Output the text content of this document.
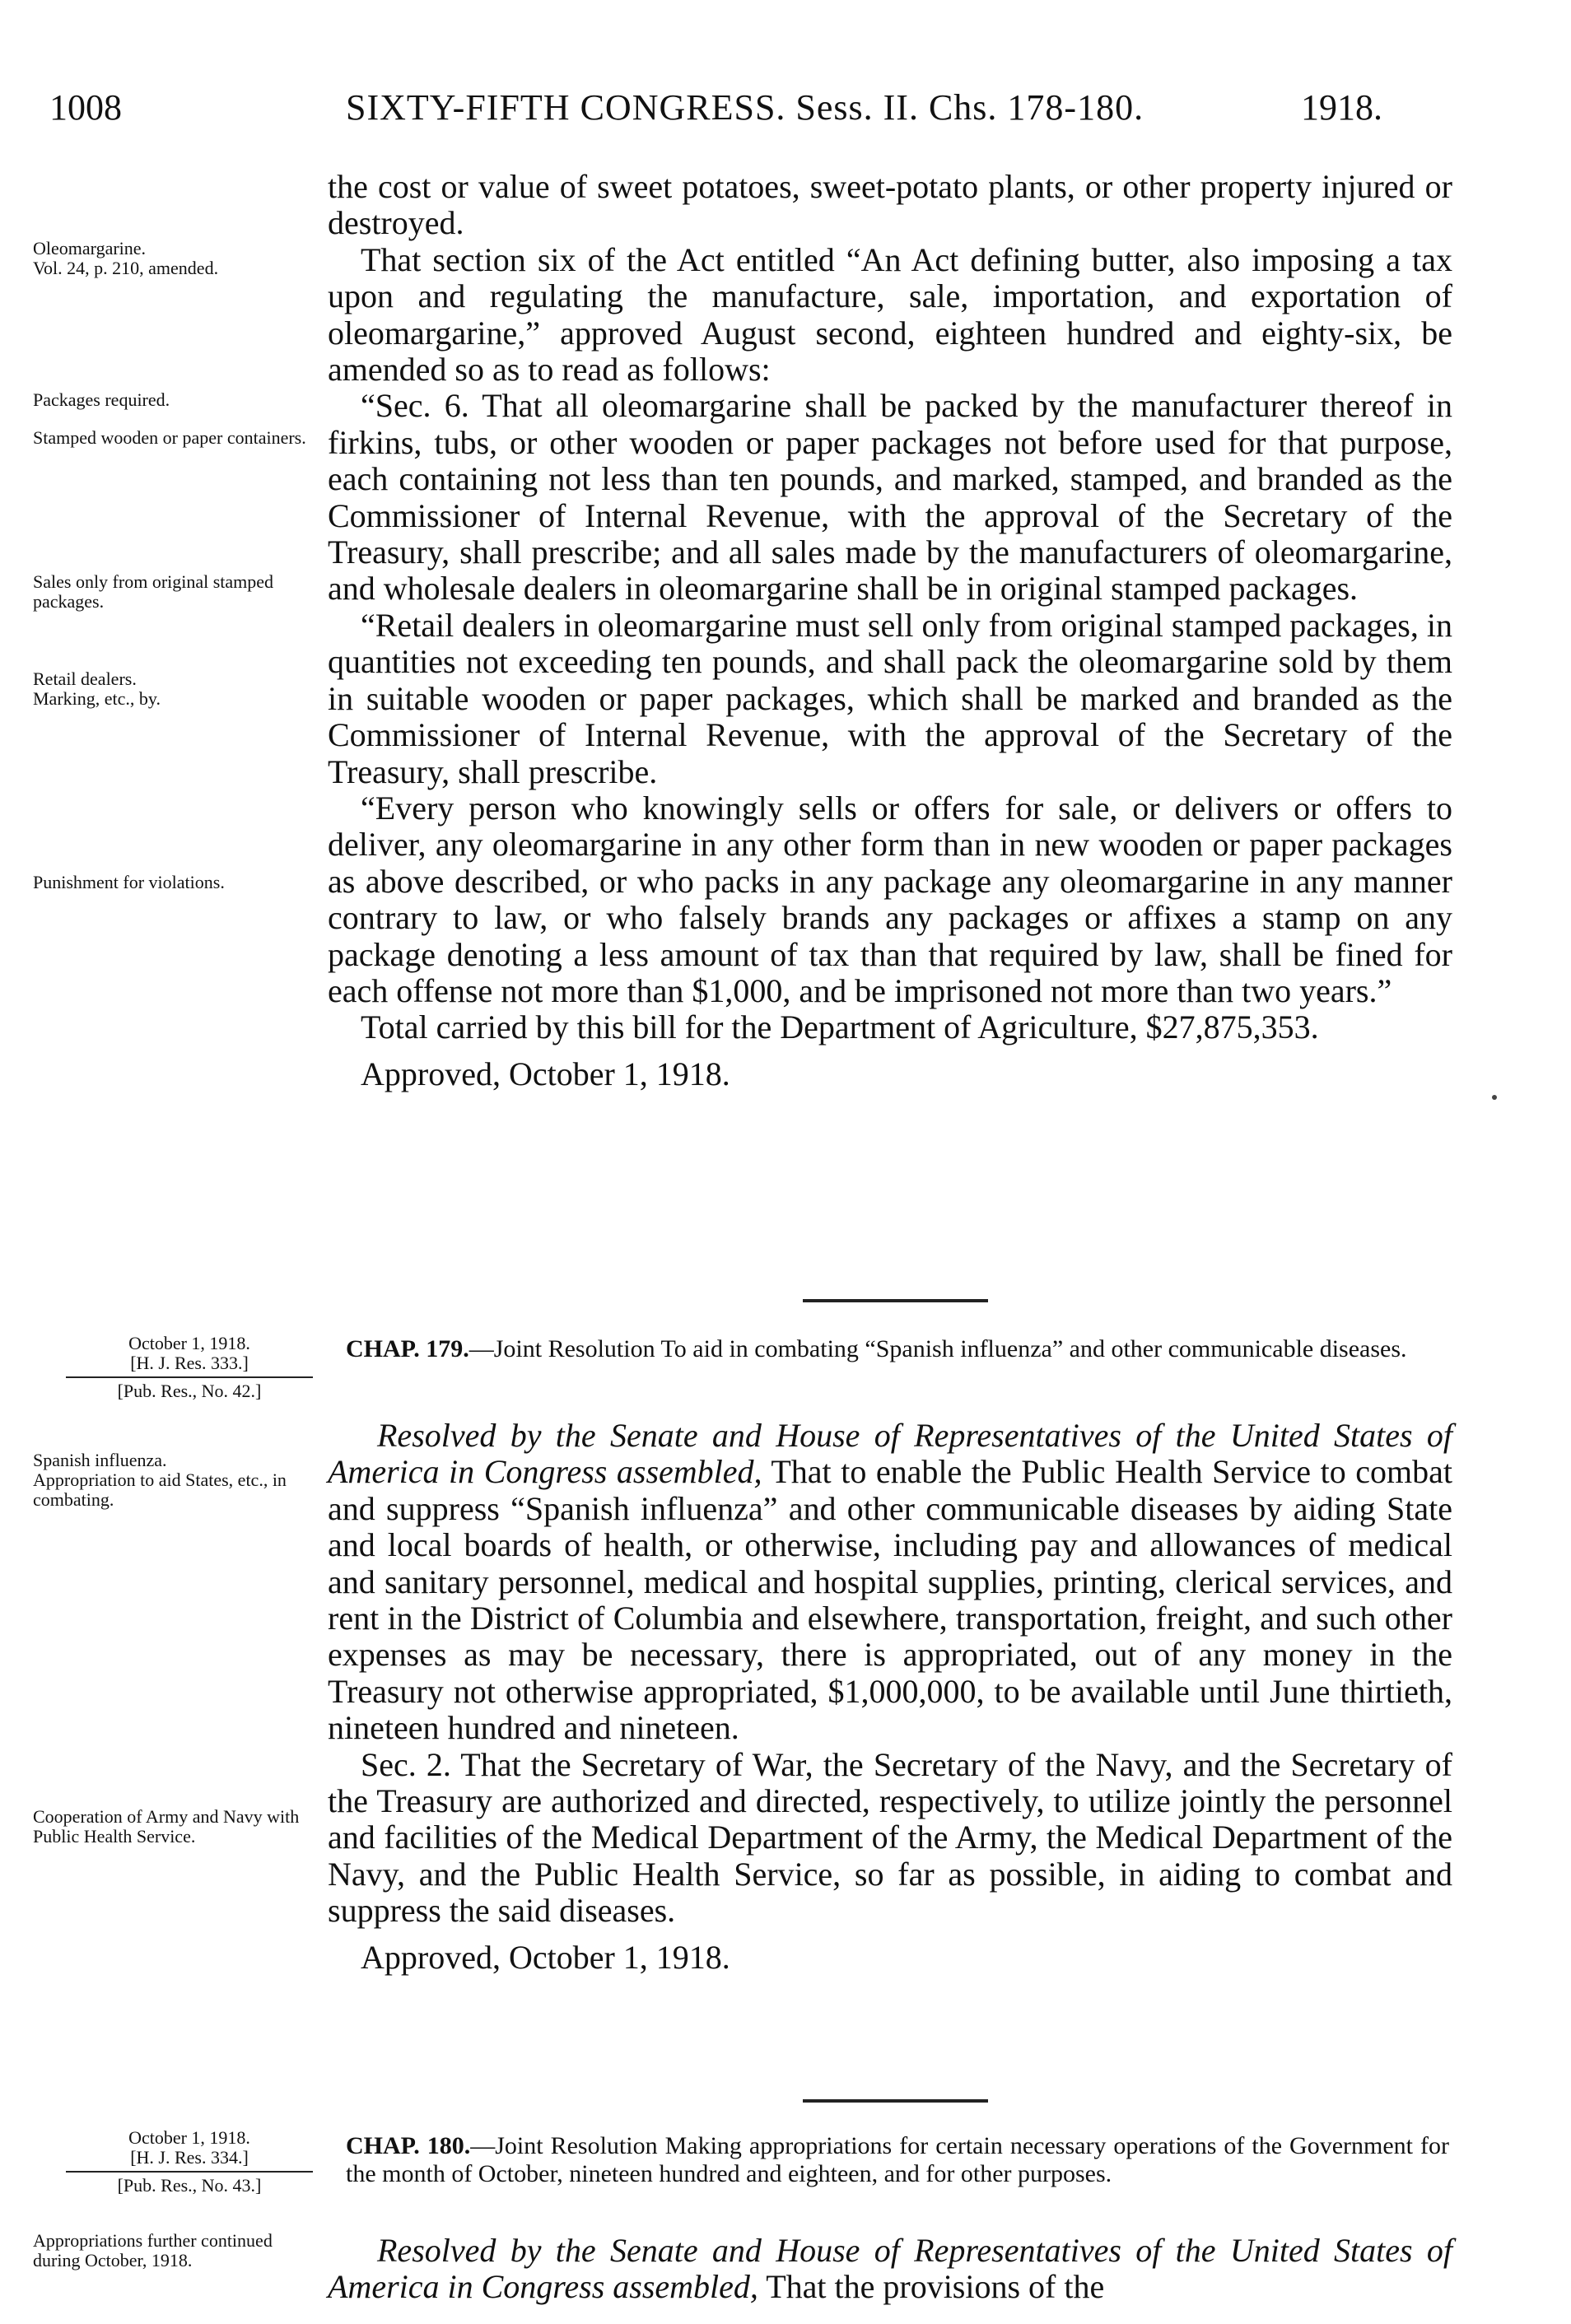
1008	SIXTY-FIFTH CONGRESS. Sess. II. Chs. 178-180.	1918.
Oleomargarine.
Vol. 24, p. 210, amended.
Packages required.
Stamped wooden or paper containers.
Sales only from original stamped packages.
Retail dealers.
Marking, etc., by.
Punishment for violations.
October 1, 1918.
[H. J. Res. 333.]
[Pub. Res., No. 42.]
Spanish influenza.
Appropriation to aid States, etc., in combating.
Cooperation of Army and Navy with Public Health Service.
October 1, 1918.
[H. J. Res. 334.]
[Pub. Res., No. 43.]
Appropriations further continued during October, 1918.

the cost or value of sweet potatoes, sweet-potato plants, or other property injured or destroyed.

That section six of the Act entitled “An Act defining butter, also imposing a tax upon and regulating the manufacture, sale, importation, and exportation of oleomargarine,” approved August second, eighteen hundred and eighty-six, be amended so as to read as follows:

“Sec. 6. That all oleomargarine shall be packed by the manufacturer thereof in firkins, tubs, or other wooden or paper packages not before used for that purpose, each containing not less than ten pounds, and marked, stamped, and branded as the Commissioner of Internal Revenue, with the approval of the Secretary of the Treasury, shall prescribe; and all sales made by the manufacturers of oleomargarine, and wholesale dealers in oleomargarine shall be in original stamped packages.

“Retail dealers in oleomargarine must sell only from original stamped packages, in quantities not exceeding ten pounds, and shall pack the oleomargarine sold by them in suitable wooden or paper packages, which shall be marked and branded as the Commissioner of Internal Revenue, with the approval of the Secretary of the Treasury, shall prescribe.

“Every person who knowingly sells or offers for sale, or delivers or offers to deliver, any oleomargarine in any other form than in new wooden or paper packages as above described, or who packs in any package any oleomargarine in any manner contrary to law, or who falsely brands any packages or affixes a stamp on any package denoting a less amount of tax than that required by law, shall be fined for each offense not more than $1,000, and be imprisoned not more than two years.”

Total carried by this bill for the Department of Agriculture, $27,875,353.

Approved, October 1, 1918.

CHAP. 179.—Joint Resolution To aid in combating “Spanish influenza” and other communicable diseases.

Resolved by the Senate and House of Representatives of the United States of America in Congress assembled, That to enable the Public Health Service to combat and suppress “Spanish influenza” and other communicable diseases by aiding State and local boards of health, or otherwise, including pay and allowances of medical and sanitary personnel, medical and hospital supplies, printing, clerical services, and rent in the District of Columbia and elsewhere, transportation, freight, and such other expenses as may be necessary, there is appropriated, out of any money in the Treasury not otherwise appropriated, $1,000,000, to be available until June thirtieth, nineteen hundred and nineteen.

Sec. 2. That the Secretary of War, the Secretary of the Navy, and the Secretary of the Treasury are authorized and directed, respectively, to utilize jointly the personnel and facilities of the Medical Department of the Army, the Medical Department of the Navy, and the Public Health Service, so far as possible, in aiding to combat and suppress the said diseases.

Approved, October 1, 1918.

CHAP. 180.—Joint Resolution Making appropriations for certain necessary operations of the Government for the month of October, nineteen hundred and eighteen, and for other purposes.

Resolved by the Senate and House of Representatives of the United States of America in Congress assembled, That the provisions of the
